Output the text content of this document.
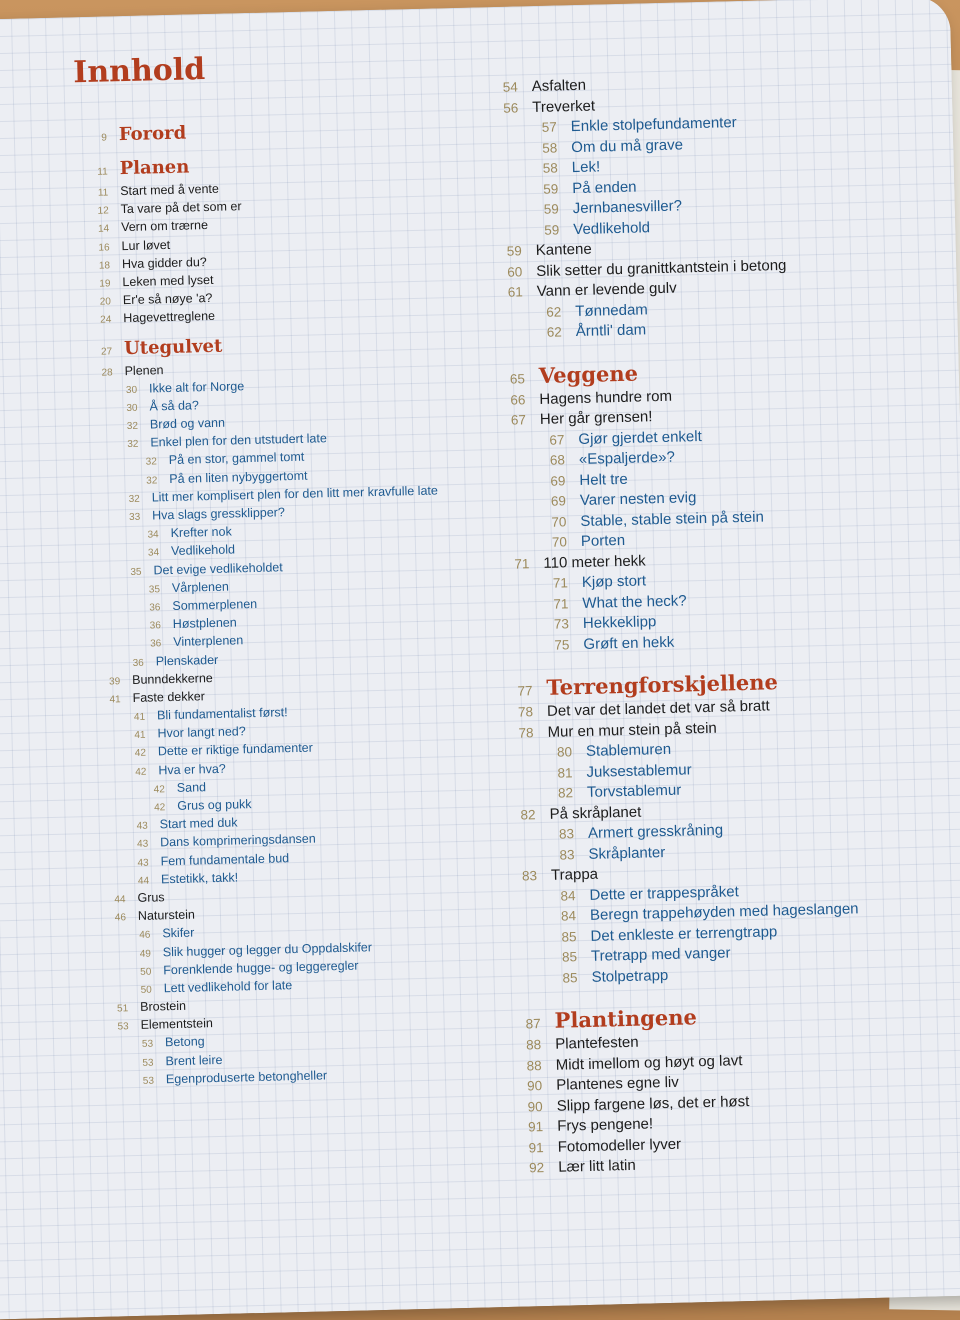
Innhold
9 Forord
11 Planen
11 Start med å vente
12 Ta vare på det som er
14 Vern om trærne
16 Lur løvet
18 Hva gidder du?
19 Leken med lyset
20 Er'e så nøye 'a?
24 Hagevettreglene
27 Utegulvet
28 Plenen
30 Ikke alt for Norge
30 Å så da?
32 Brød og vann
32 Enkel plen for den utstudert late
32 På en stor, gammel tomt
32 På en liten nybyggertomt
32 Litt mer komplisert plen for den litt mer kravfulle late
33 Hva slags gressklipper?
34 Krefter nok
34 Vedlikehold
35 Det evige vedlikeholdet
35 Vårplenen
36 Sommerplenen
36 Høstplenen
36 Vinterplenen
36 Plenskader
39 Bunndekkerne
41 Faste dekker
41 Bli fundamentalist først!
41 Hvor langt ned?
42 Dette er riktige fundamenter
42 Hva er hva?
42 Sand
42 Grus og pukk
43 Start med duk
43 Dans komprimeringsdansen
43 Fem fundamentale bud
44 Estetikk, takk!
44 Grus
46 Naturstein
46 Skifer
49 Slik hugger og legger du Oppdalskifer
50 Forenklende hugge- og leggeregler
50 Lett vedlikehold for late
51 Brostein
53 Elementstein
53 Betong
53 Brent leire
53 Egenproduserte betongheller
54 Asfalten
56 Treverket
57 Enkle stolpefundamenter
58 Om du må grave
58 Lek!
59 På enden
59 Jernbanesviller?
59 Vedlikehold
59 Kantene
60 Slik setter du granittkantstein i betong
61 Vann er levende gulv
62 Tønnedam
62 Årntli' dam
65 Veggene
66 Hagens hundre rom
67 Her går grensen!
67 Gjør gjerdet enkelt
68 «Espaljerde»?
69 Helt tre
69 Varer nesten evig
70 Stable, stable stein på stein
70 Porten
71 110 meter hekk
71 Kjøp stort
71 What the heck?
73 Hekkeklipp
75 Grøft en hekk
77 Terrengforskjellene
78 Det var det landet det var så bratt
78 Mur en mur stein på stein
80 Stablemuren
81 Juksestablemur
82 Torvstablemur
82 På skråplanet
83 Armert gresskråning
83 Skråplanter
83 Trappa
84 Dette er trappespråket
84 Beregn trappehøyden med hageslangen
85 Det enkleste er terrengtrapp
85 Tretrapp med vanger
85 Stolpetrapp
87 Plantingene
88 Plantefesten
88 Midt imellom og høyt og lavt
90 Plantenes egne liv
90 Slipp fargene løs, det er høst
91 Frys pengene!
91 Fotomodeller lyver
92 Lær litt latin
